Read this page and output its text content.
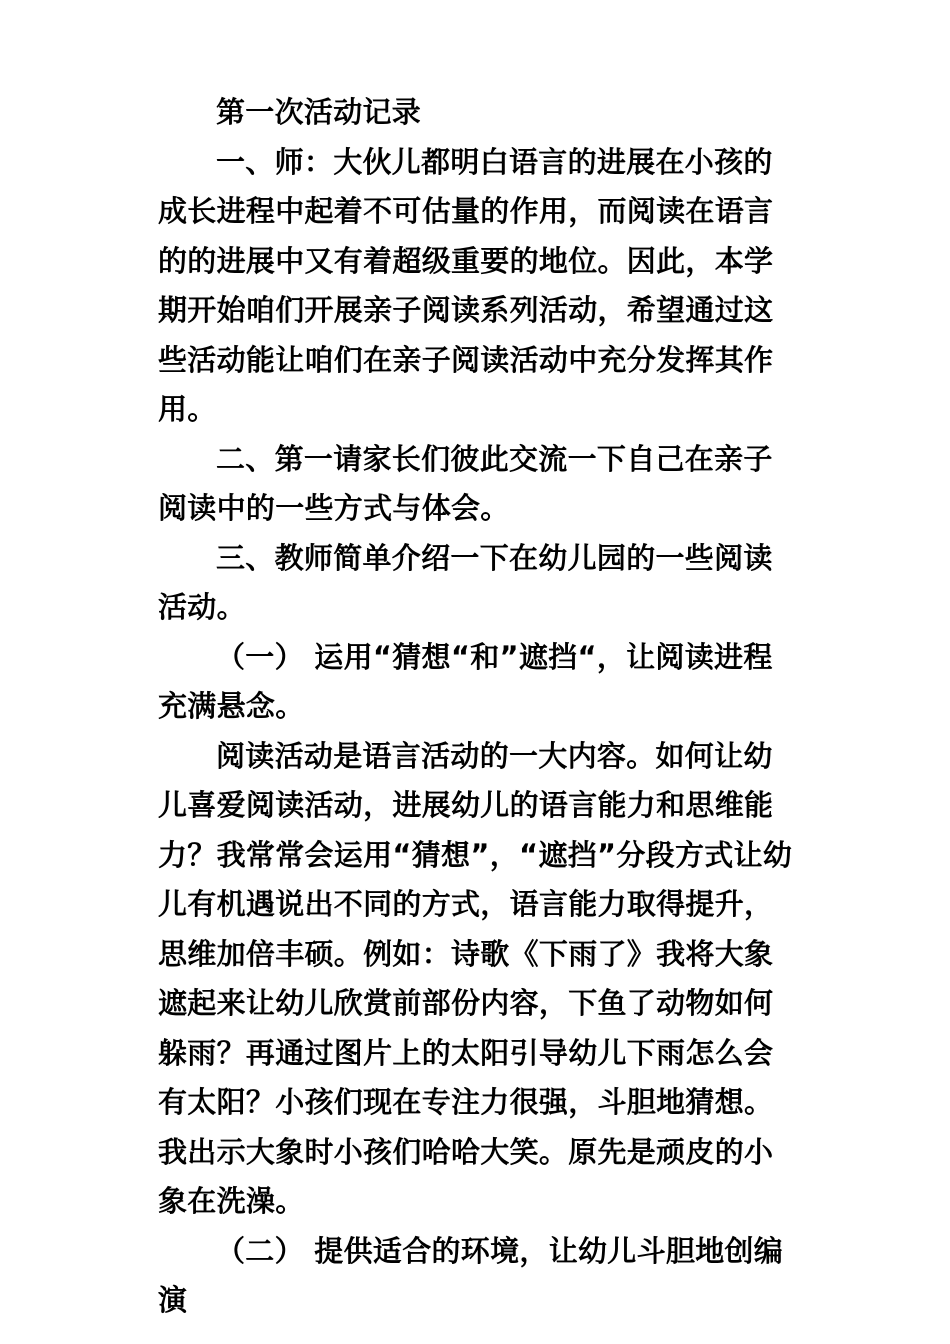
第一次活动记录

一、师：大伙儿都明白语言的进展在小孩的成长进程中起着不可估量的作用，而阅读在语言的的进展中又有着超级重要的地位。因此，本学期开始咱们开展亲子阅读系列活动，希望通过这些活动能让咱们在亲子阅读活动中充分发挥其作用。

二、第一请家长们彼此交流一下自己在亲子阅读中的一些方式与体会。

三、教师简单介绍一下在幼儿园的一些阅读活动。

（一） 运用“猜想“和”遮挡“，让阅读进程充满悬念。

阅读活动是语言活动的一大内容。如何让幼儿喜爱阅读活动，进展幼儿的语言能力和思维能力？我常常会运用“猜想”，“遮挡”分段方式让幼儿有机遇说出不同的方式，语言能力取得提升，思维加倍丰硕。例如：诗歌《下雨了》我将大象遮起来让幼儿欣赏前部份内容，下鱼了动物如何躲雨？再通过图片上的太阳引导幼儿下雨怎么会有太阳？小孩们现在专注力很强，斗胆地猜想。我出示大象时小孩们哈哈大笑。原先是顽皮的小象在洗澡。

（二） 提供适合的环境，让幼儿斗胆地创编演
